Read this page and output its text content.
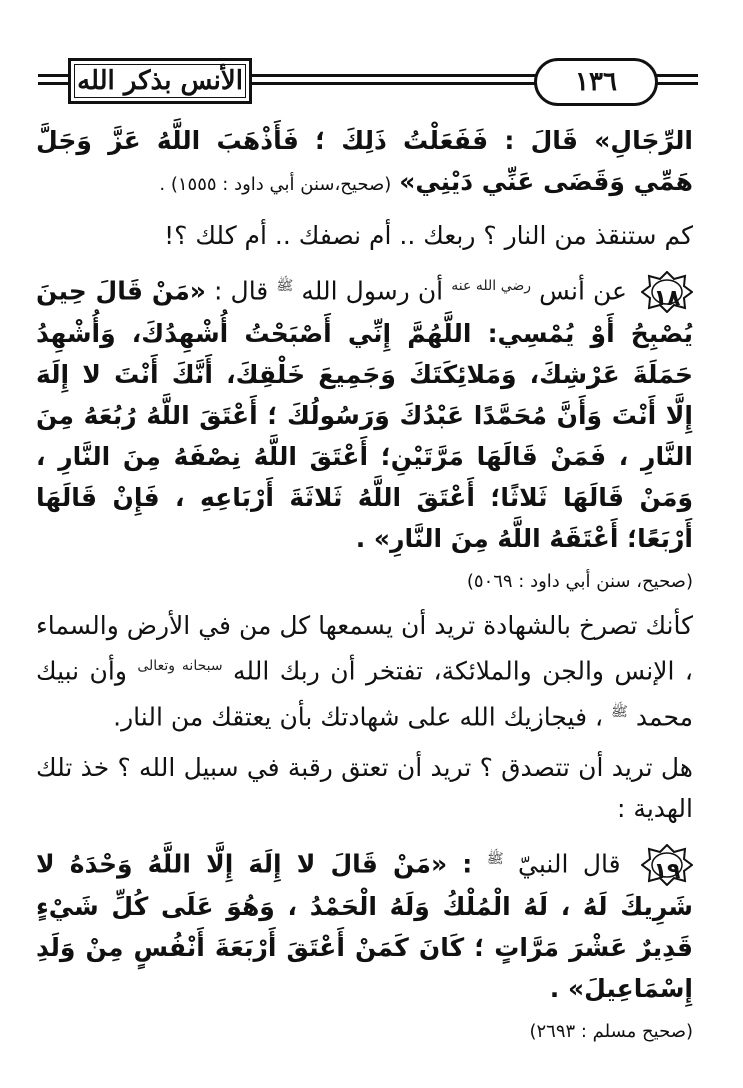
الأنس بذكر الله	١٣٦

الرِّجَالِ» قَالَ : فَفَعَلْتُ ذَلِكَ ؛ فَأَذْهَبَ اللَّهُ عَزَّ وَجَلَّ هَمِّي وَقَضَى عَنِّي دَيْنِي» (صحيح،سنن أبي داود : ١٥٥٥) .

كم ستنقذ من النار ؟ ربعك .. أم نصفك .. أم كلك ؟!

١٨
عن أنس $^{رضي الله عنه}$ أن رسول الله $^ﷺ$ قال : «مَنْ قَالَ حِينَ يُصْبِحُ أَوْ يُمْسِي: اللَّهُمَّ إِنِّي أَصْبَحْتُ أُشْهِدُكَ، وَأُشْهِدُ حَمَلَةَ عَرْشِكَ، وَمَلائِكَتَكَ وَجَمِيعَ خَلْقِكَ، أَنَّكَ أَنْتَ لا إِلَهَ إِلَّا أَنْتَ وَأَنَّ مُحَمَّدًا عَبْدُكَ وَرَسُولُكَ ؛ أَعْتَقَ اللَّهُ رُبُعَهُ مِنَ النَّارِ ، فَمَنْ قَالَهَا مَرَّتَيْنِ؛ أَعْتَقَ اللَّهُ نِصْفَهُ مِنَ النَّارِ ، وَمَنْ قَالَهَا ثَلاثًا؛ أَعْتَقَ اللَّهُ ثَلاثَةَ أَرْبَاعِهِ ، فَإِنْ قَالَهَا أَرْبَعًا؛ أَعْتَقَهُ اللَّهُ مِنَ النَّارِ» .

(صحيح، سنن أبي داود : ٥٠٦٩)

كأنك تصرخ بالشهادة تريد أن يسمعها كل من في الأرض والسماء ، الإنس والجن والملائكة، تفتخر أن ربك الله $^{سبحانه وتعالى}$ وأن نبيك محمد $^ﷺ$ ، فيجازيك الله على شهادتك بأن يعتقك من النار.

هل تريد أن تتصدق ؟ تريد أن تعتق رقبة في سبيل الله ؟ خذ تلك الهدية :

١٩
قال النبيّ $^ﷺ$ : «مَنْ قَالَ لا إِلَهَ إِلَّا اللَّهُ وَحْدَهُ لا شَرِيكَ لَهُ ، لَهُ الْمُلْكُ وَلَهُ الْحَمْدُ ، وَهُوَ عَلَى كُلِّ شَيْءٍ قَدِيرٌ عَشْرَ مَرَّاتٍ ؛ كَانَ كَمَنْ أَعْتَقَ أَرْبَعَةَ أَنْفُسٍ مِنْ وَلَدِ إِسْمَاعِيلَ» .

(صحيح مسلم : ٢٦٩٣)
